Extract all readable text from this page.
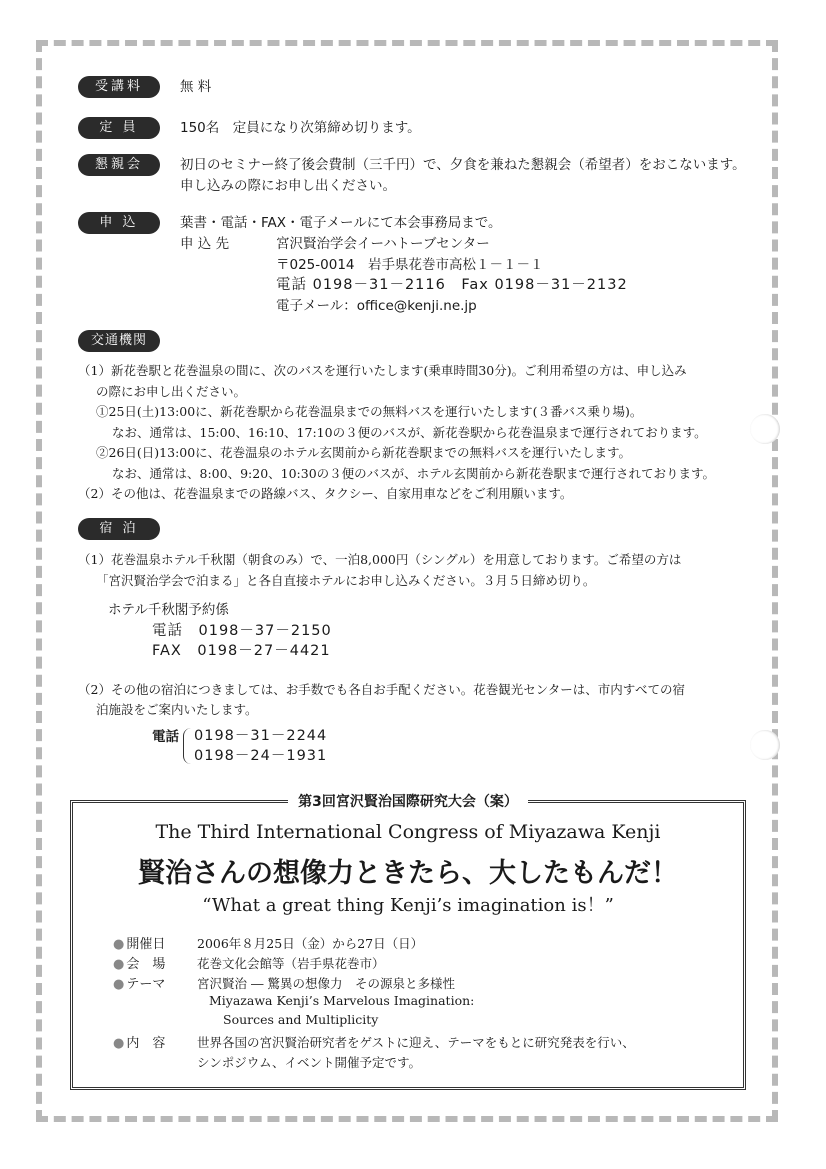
受講料	無 料
定 員	150名　定員になり次第締め切ります。
懇親会	初日のセミナー終了後会費制（三千円）で、夕食を兼ねた懇親会（希望者）をおこないます。
申し込みの際にお申し出ください。
申 込	葉書・電話・FAX・電子メールにて本会事務局まで。
申 込 先	宮沢賢治学会イーハトーブセンター
〒025-0014　岩手県花巻市高松１－１－１
電話 0198－31－2116　Fax 0198－31－2132
電子メール：office@kenji.ne.jp
交通機関
（1）新花巻駅と花巻温泉の間に、次のバスを運行いたします(乗車時間30分)。ご利用希望の方は、申し込み
の際にお申し出ください。
①25日(土)13:00に、新花巻駅から花巻温泉までの無料バスを運行いたします(３番バス乗り場)。
なお、通常は、15:00、16:10、17:10の３便のバスが、新花巻駅から花巻温泉まで運行されております。
②26日(日)13:00に、花巻温泉のホテル玄関前から新花巻駅までの無料バスを運行いたします。
なお、通常は、8:00、9:20、10:30の３便のバスが、ホテル玄関前から新花巻駅まで運行されております。
（2）その他は、花巻温泉までの路線バス、タクシー、自家用車などをご利用願います。
宿 泊
（1）花巻温泉ホテル千秋閣（朝食のみ）で、一泊8,000円（シングル）を用意しております。ご希望の方は
「宮沢賢治学会で泊まる」と各自直接ホテルにお申し込みください。３月５日締め切り。
ホテル千秋閣予約係
電話　0198－37－2150
FAX　0198－27－4421
（2）その他の宿泊につきましては、お手数でも各自お手配ください。花巻観光センターは、市内すべての宿
泊施設をご案内いたします。
電話 0198－31－2244
0198－24－1931
第3回宮沢賢治国際研究大会（案）
The Third International Congress of Miyazawa Kenji
賢治さんの想像力ときたら、大したもんだ！
“What a great thing Kenji’s imagination is！”
● 開催日	2006年８月25日（金）から27日（日）
● 会　場	花巻文化会館等（岩手県花巻市）
● テーマ	宮沢賢治 ― 驚異の想像力　その源泉と多様性
Miyazawa Kenji’s Marvelous Imagination:
Sources and Multiplicity
● 内　容	世界各国の宮沢賢治研究者をゲストに迎え、テーマをもとに研究発表を行い、
シンポジウム、イベント開催予定です。
